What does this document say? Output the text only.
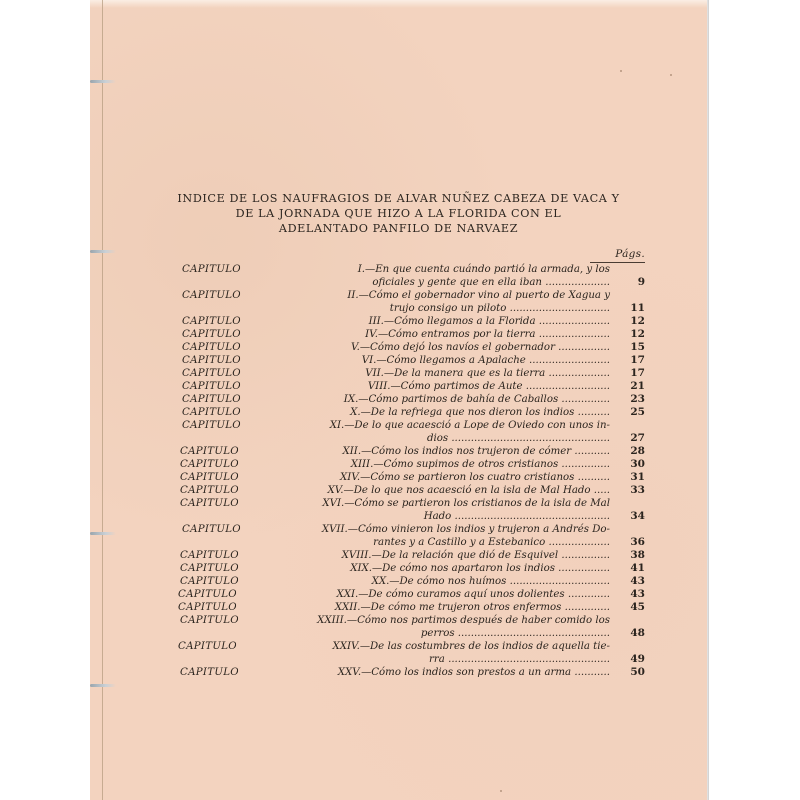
INDICE DE LOS NAUFRAGIOS DE ALVAR NUÑEZ CABEZA DE VACA Y
DE LA JORNADA QUE HIZO A LA FLORIDA CON EL
ADELANTADO PANFILO DE NARVAEZ
Págs.
CAPITULO	I.—En que cuenta cuándo partió la armada, y los
oficiales y gente que en ella iban ....................	9
CAPITULO	II.—Cómo el gobernador vino al puerto de Xagua y
trujo consigo un piloto ...............................	11
CAPITULO	III.—Cómo llegamos a la Florida ......................	12
CAPITULO	IV.—Cómo entramos por la tierra ......................	12
CAPITULO	V.—Cómo dejó los navíos el gobernador ................	15
CAPITULO	VI.—Cómo llegamos a Apalache .........................	17
CAPITULO	VII.—De la manera que es la tierra ...................	17
CAPITULO	VIII.—Cómo partimos de Aute ..........................	21
CAPITULO	IX.—Cómo partimos de bahía de Caballos ...............	23
CAPITULO	X.—De la refriega que nos dieron los indios ..........	25
CAPITULO	XI.—De lo que acaesció a Lope de Oviedo con unos in-
dios .................................................	27
CAPITULO	XII.—Cómo los indios nos trujeron de cómer ...........	28
CAPITULO	XIII.—Cómo supimos de otros cristianos ...............	30
CAPITULO	XIV.—Cómo se partieron los cuatro cristianos ..........	31
CAPITULO	XV.—De lo que nos acaesció en la isla de Mal Hado .....	33
CAPITULO	XVI.—Cómo se partieron los cristianos de la isla de Mal
Hado ................................................	34
CAPITULO	XVII.—Cómo vinieron los indios y trujeron a Andrés Do-
rantes y a Castillo y a Estebanico ...................	36
CAPITULO	XVIII.—De la relación que dió de Esquivel ...............	38
CAPITULO	XIX.—De cómo nos apartaron los indios ................	41
CAPITULO	XX.—De cómo nos huímos ...............................	43
CAPITULO	XXI.—De cómo curamos aquí unos dolientes .............	43
CAPITULO	XXII.—De cómo me trujeron otros enfermos ..............	45
CAPITULO	XXIII.—Cómo nos partimos después de haber comido los
perros ...............................................	48
CAPITULO	XXIV.—De las costumbres de los indios de aquella tie-
rra ..................................................	49
CAPITULO	XXV.—Cómo los indios son prestos a un arma ...........	50
